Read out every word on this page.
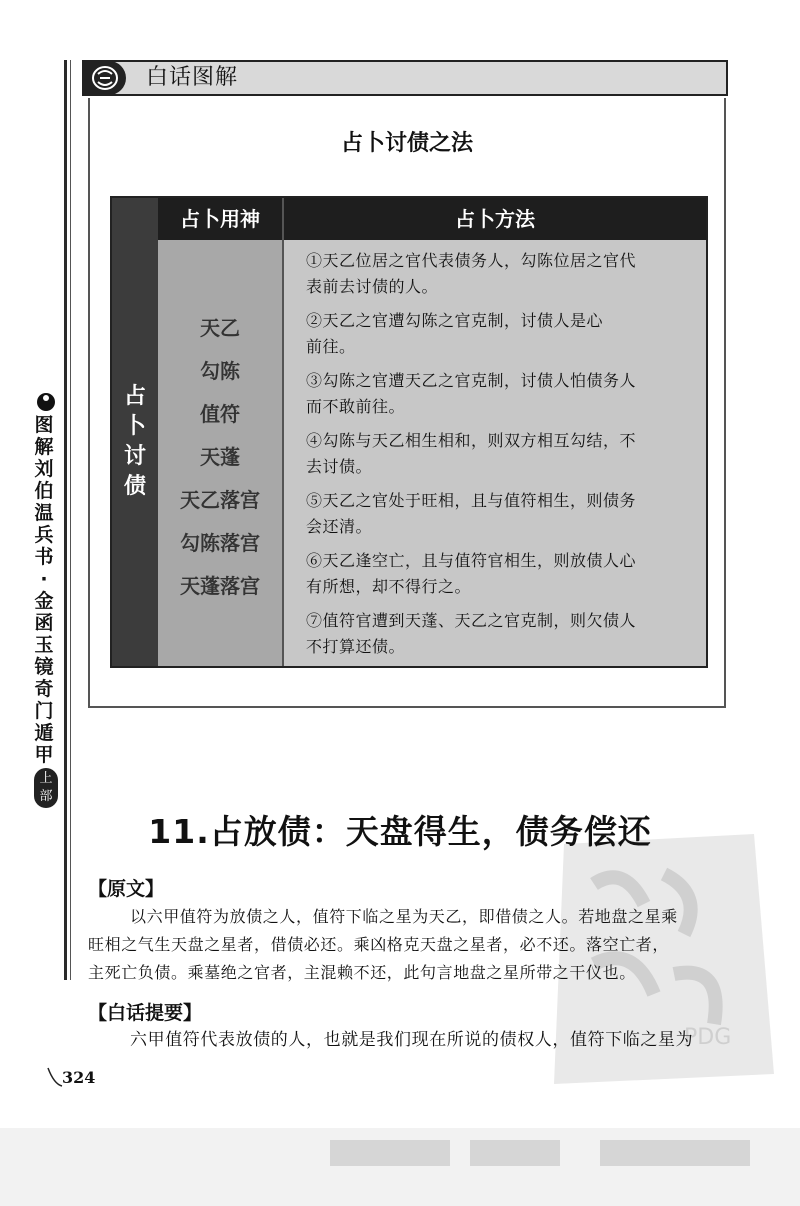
图
解
刘
伯
温
兵
书
·
金
函
玉
镜
奇
门
遁
甲
上
部
白话图解
占卜讨债之法
占
卜
讨
债
占卜用神	占卜方法
天乙
勾陈
值符
天蓬
天乙落宫
勾陈落宫
天蓬落宫
①天乙位居之官代表债务人，勾陈位居之官代
表前去讨债的人。
②天乙之官遭勾陈之官克制，讨债人是心
前往。
③勾陈之官遭天乙之官克制，讨债人怕债务人
而不敢前往。
④勾陈与天乙相生相和，则双方相互勾结，不
去讨债。
⑤天乙之官处于旺相，且与值符相生，则债务
会还清。
⑥天乙逢空亡，且与值符官相生，则放债人心
有所想，却不得行之。
⑦值符官遭到天蓬、天乙之官克制，则欠债人
不打算还债。
PDG
11.占放债：天盘得生，债务偿还
【原文】
以六甲值符为放债之人，值符下临之星为天乙，即借债之人。若地盘之星乘
旺相之气生天盘之星者，借债必还。乘凶格克天盘之星者，必不还。落空亡者，
主死亡负债。乘墓绝之官者，主混赖不还，此句言地盘之星所带之干仪也。
【白话提要】
六甲值符代表放债的人，也就是我们现在所说的债权人，值符下临之星为
324
